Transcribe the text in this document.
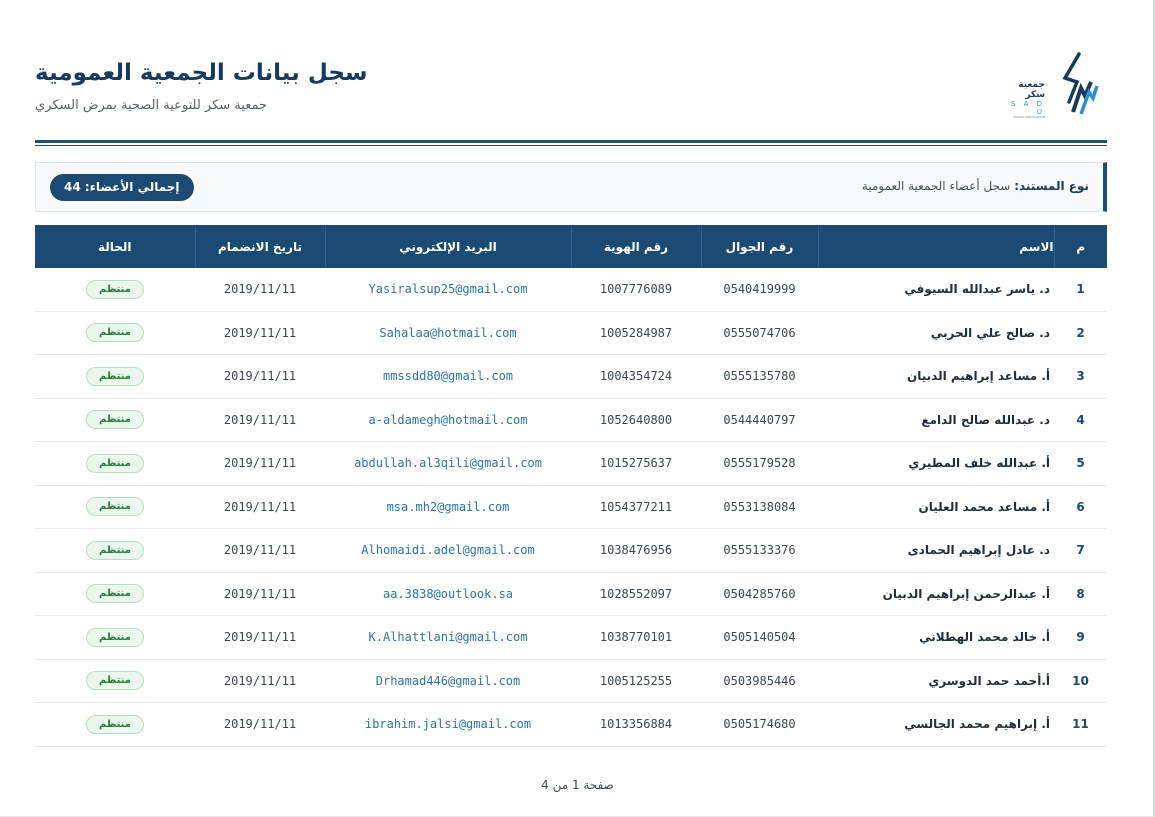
سجل بيانات الجمعية العمومية
جمعية سكر للتوعية الصحية بمرض السكري
جمعية سكر
S A D U
SUGAR ASSOCIATION
نوع المستند: سجل أعضاء الجمعية العمومية
إجمالي الأعضاء: 44
م	الاسم	رقم الجوال	رقم الهوية	البريد الإلكتروني	تاريخ الانضمام	الحالة
1	د. ياسر عبدالله السيوفي	0540419999	1007776089	Yasiralsup25@gmail.com	2019/11/11	منتظم
2	د. صالح علي الحربي	0555074706	1005284987	Sahalaa@hotmail.com	2019/11/11	منتظم
3	أ. مساعد إبراهيم الدبيان	0555135780	1004354724	mmssdd80@gmail.com	2019/11/11	منتظم
4	د. عبدالله صالح الدامغ	0544440797	1052640800	a-aldamegh@hotmail.com	2019/11/11	منتظم
5	أ. عبدالله خلف المطيري	0555179528	1015275637	abdullah.al3qili@gmail.com	2019/11/11	منتظم
6	أ. مساعد محمد العليان	0553138084	1054377211	msa.mh2@gmail.com	2019/11/11	منتظم
7	د. عادل إبراهيم الحمادى	0555133376	1038476956	Alhomaidi.adel@gmail.com	2019/11/11	منتظم
8	أ. عبدالرحمن إبراهيم الدبيان	0504285760	1028552097	aa.3838@outlook.sa	2019/11/11	منتظم
9	أ. خالد محمد الهطلاني	0505140504	1038770101	K.Alhattlani@gmail.com	2019/11/11	منتظم
10	أ.أحمد حمد الدوسري	0503985446	1005125255	Drhamad446@gmail.com	2019/11/11	منتظم
11	أ. إبراهيم محمد الجالسي	0505174680	1013356884	ibrahim.jalsi@gmail.com	2019/11/11	منتظم
صفحة 1 من 4
